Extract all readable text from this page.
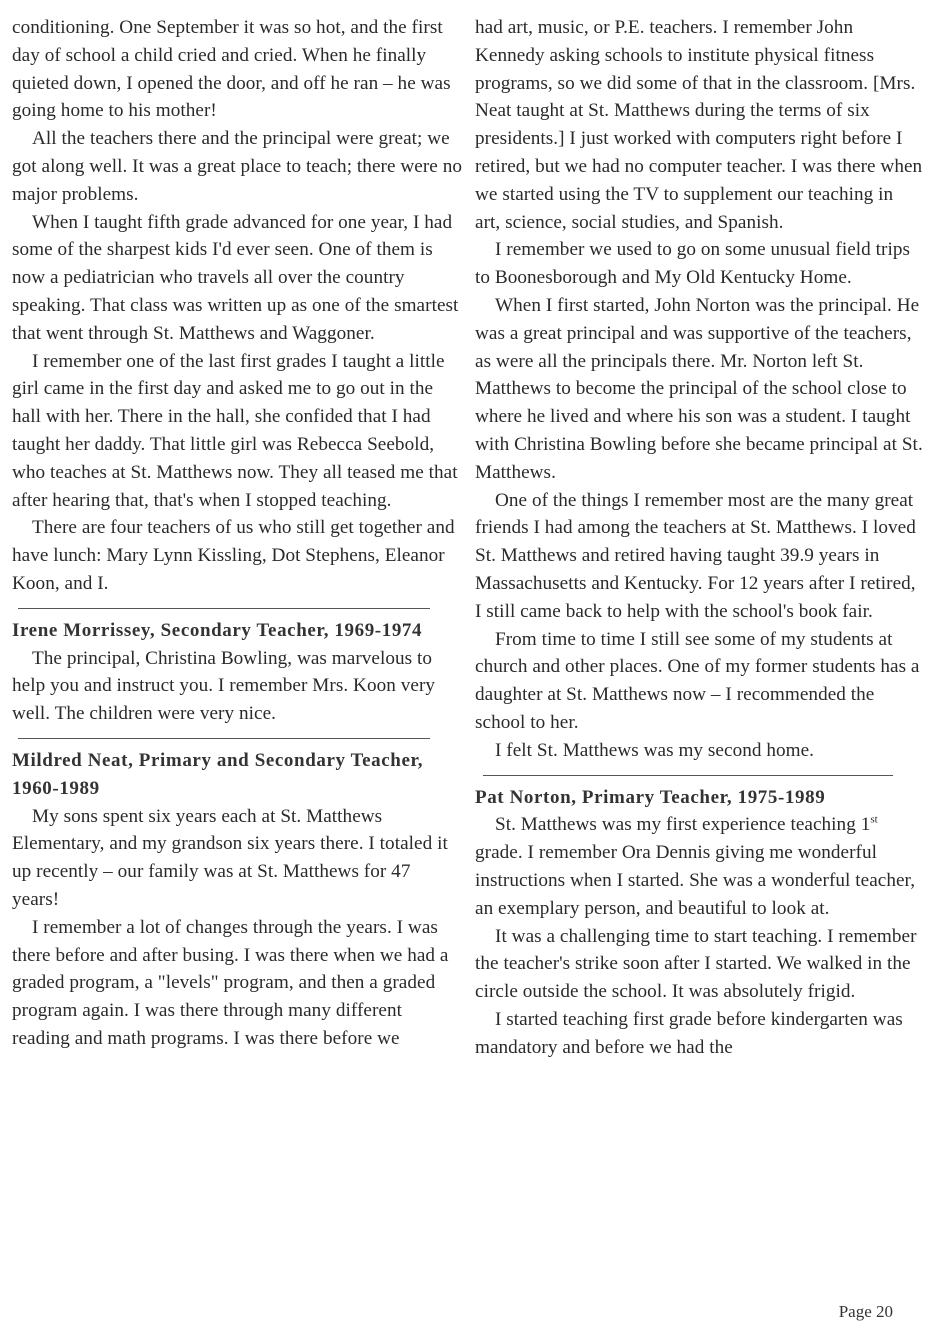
conditioning. One September it was so hot, and the first day of school a child cried and cried. When he finally quieted down, I opened the door, and off he ran – he was going home to his mother!

All the teachers there and the principal were great; we got along well. It was a great place to teach; there were no major problems.

When I taught fifth grade advanced for one year, I had some of the sharpest kids I'd ever seen. One of them is now a pediatrician who travels all over the country speaking. That class was written up as one of the smartest that went through St. Matthews and Waggoner.

I remember one of the last first grades I taught a little girl came in the first day and asked me to go out in the hall with her. There in the hall, she confided that I had taught her daddy. That little girl was Rebecca Seebold, who teaches at St. Matthews now. They all teased me that after hearing that, that's when I stopped teaching.

There are four teachers of us who still get together and have lunch: Mary Lynn Kissling, Dot Stephens, Eleanor Koon, and I.

Irene Morrissey, Secondary Teacher, 1969-1974

The principal, Christina Bowling, was marvelous to help you and instruct you. I remember Mrs. Koon very well. The children were very nice.

Mildred Neat, Primary and Secondary Teacher, 1960-1989

My sons spent six years each at St. Matthews Elementary, and my grandson six years there. I totaled it up recently – our family was at St. Matthews for 47 years!

I remember a lot of changes through the years. I was there before and after busing. I was there when we had a graded program, a "levels" program, and then a graded program again. I was there through many different reading and math programs. I was there before we

had art, music, or P.E. teachers. I remember John Kennedy asking schools to institute physical fitness programs, so we did some of that in the classroom. [Mrs. Neat taught at St. Matthews during the terms of six presidents.] I just worked with computers right before I retired, but we had no computer teacher. I was there when we started using the TV to supplement our teaching in art, science, social studies, and Spanish.

I remember we used to go on some unusual field trips to Boonesborough and My Old Kentucky Home.

When I first started, John Norton was the principal. He was a great principal and was supportive of the teachers, as were all the principals there. Mr. Norton left St. Matthews to become the principal of the school close to where he lived and where his son was a student. I taught with Christina Bowling before she became principal at St. Matthews.

One of the things I remember most are the many great friends I had among the teachers at St. Matthews. I loved St. Matthews and retired having taught 39.9 years in Massachusetts and Kentucky. For 12 years after I retired, I still came back to help with the school's book fair.

From time to time I still see some of my students at church and other places. One of my former students has a daughter at St. Matthews now – I recommended the school to her.

I felt St. Matthews was my second home.

Pat Norton, Primary Teacher, 1975-1989

St. Matthews was my first experience teaching 1st grade. I remember Ora Dennis giving me wonderful instructions when I started. She was a wonderful teacher, an exemplary person, and beautiful to look at.

It was a challenging time to start teaching. I remember the teacher's strike soon after I started. We walked in the circle outside the school. It was absolutely frigid.

I started teaching first grade before kindergarten was mandatory and before we had the

Page 20
